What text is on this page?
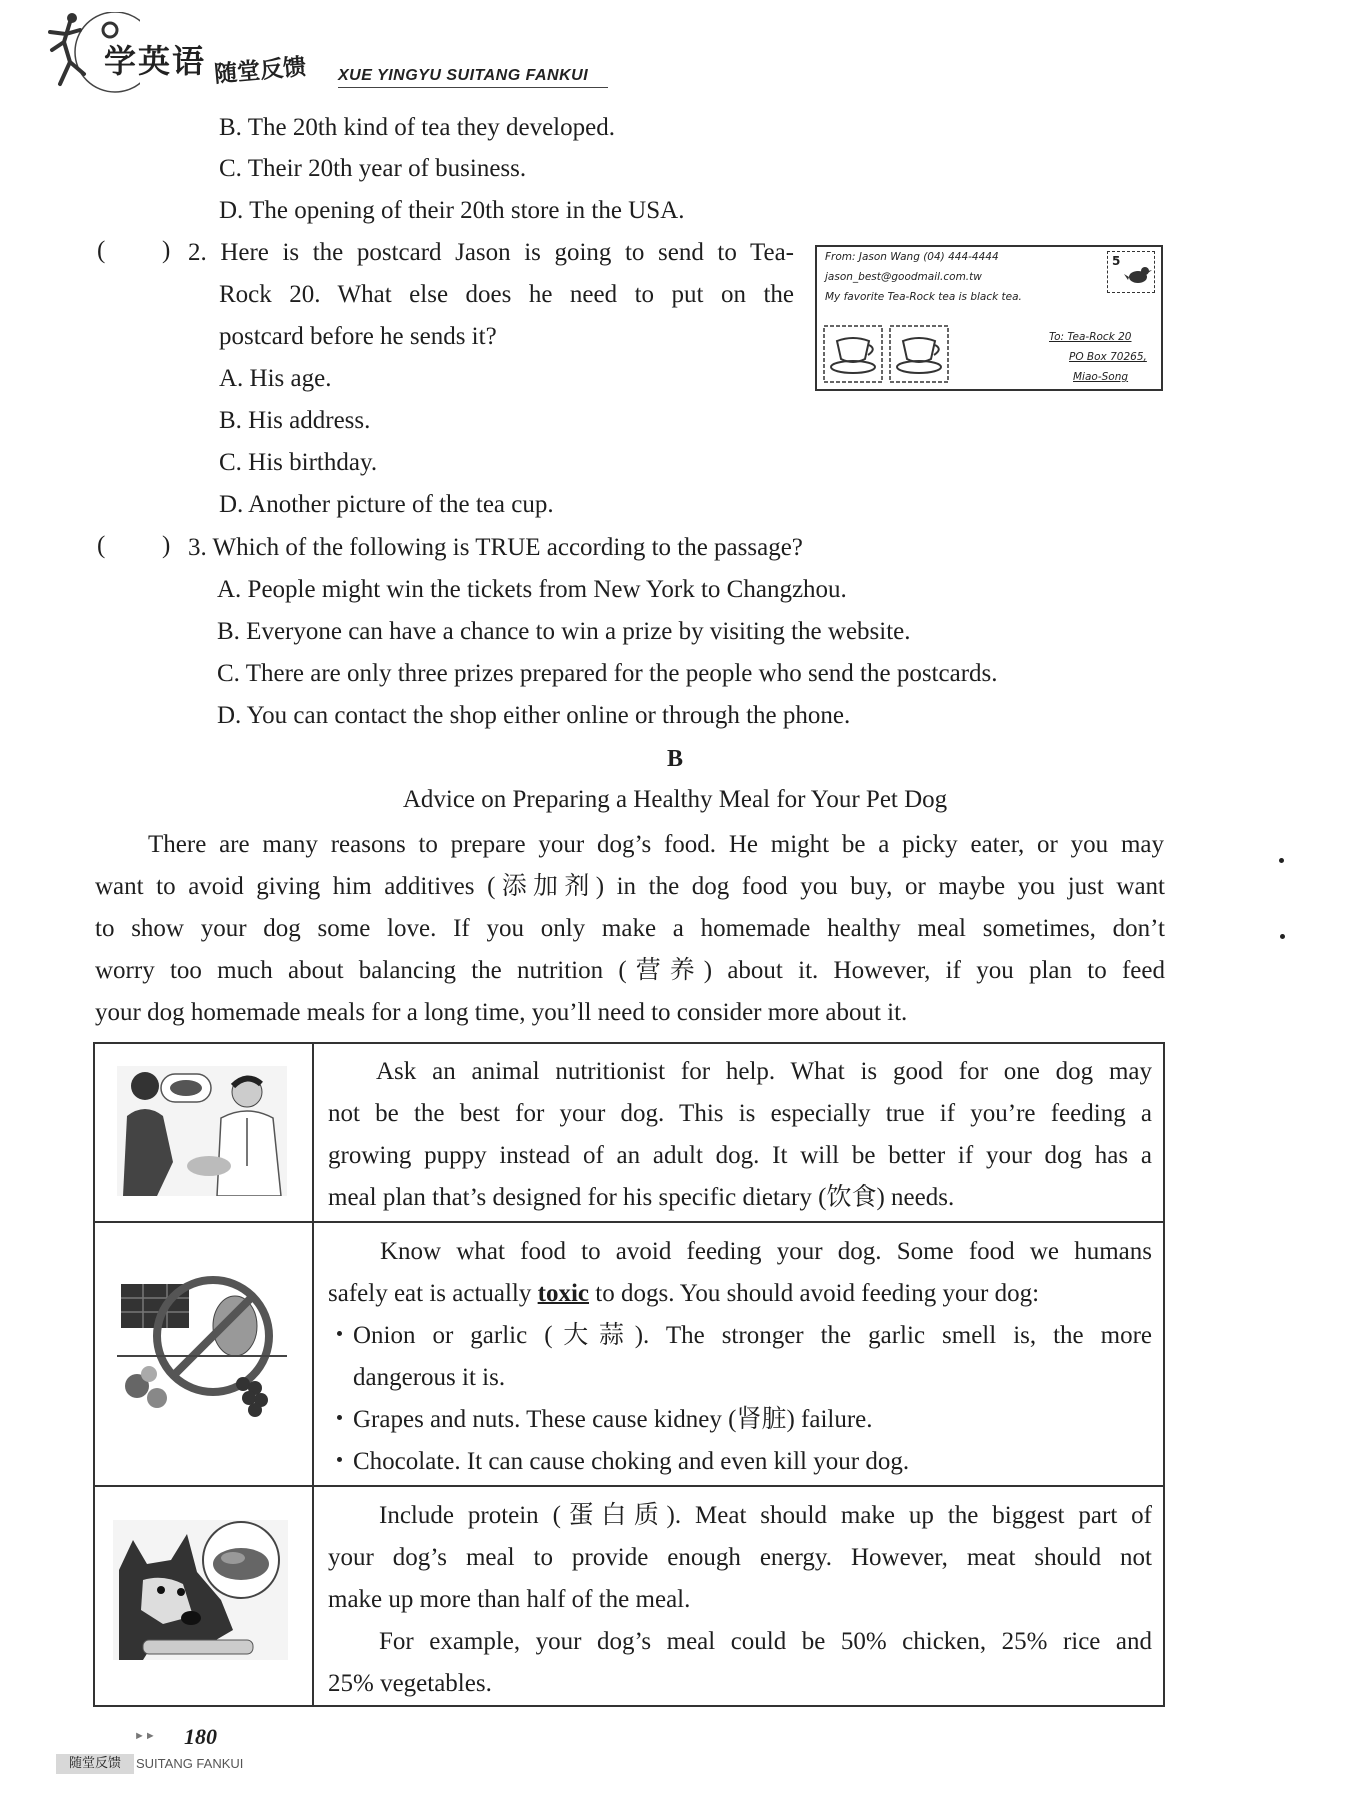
学英语 随堂反馈 XUE YINGYU SUITANG FANKUI
B. The 20th kind of tea they developed.
C. Their 20th year of business.
D. The opening of their 20th store in the USA.
( ) 2. Here is the postcard Jason is going to send to Tea-
Rock 20. What else does he need to put on the
postcard before he sends it?
A. His age.
B. His address.
C. His birthday.
D. Another picture of the tea cup.
From: Jason Wang (04) 444-4444
jason_best@goodmail.com.tw
My favorite Tea-Rock tea is black tea.
5
To: Tea-Rock 20
PO Box 70265,
Miao-Song
( ) 3. Which of the following is TRUE according to the passage?
A. People might win the tickets from New York to Changzhou.
B. Everyone can have a chance to win a prize by visiting the website.
C. There are only three prizes prepared for the people who send the postcards.
D. You can contact the shop either online or through the phone.
B
Advice on Preparing a Healthy Meal for Your Pet Dog
There are many reasons to prepare your dog’s food. He might be a picky eater, or you may
want to avoid giving him additives (添加剂) in the dog food you buy, or maybe you just want
to show your dog some love. If you only make a homemade healthy meal sometimes, don’t
worry too much about balancing the nutrition (营养) about it. However, if you plan to feed
your dog homemade meals for a long time, you’ll need to consider more about it.
Ask an animal nutritionist for help. What is good for one dog may
not be the best for your dog. This is especially true if you’re feeding a
growing puppy instead of an adult dog. It will be better if your dog has a
meal plan that’s designed for his specific dietary (饮食) needs.
Know what food to avoid feeding your dog. Some food we humans
safely eat is actually toxic to dogs. You should avoid feeding your dog:
Onion or garlic (大蒜). The stronger the garlic smell is, the more
dangerous it is.
Grapes and nuts. These cause kidney (肾脏) failure.
Chocolate. It can cause choking and even kill your dog.
Include protein (蛋白质). Meat should make up the biggest part of
your dog’s meal to provide enough energy. However, meat should not
make up more than half of the meal.
For example, your dog’s meal could be 50% chicken, 25% rice and
25% vegetables.
►► 180
随堂反馈	SUITANG FANKUI
